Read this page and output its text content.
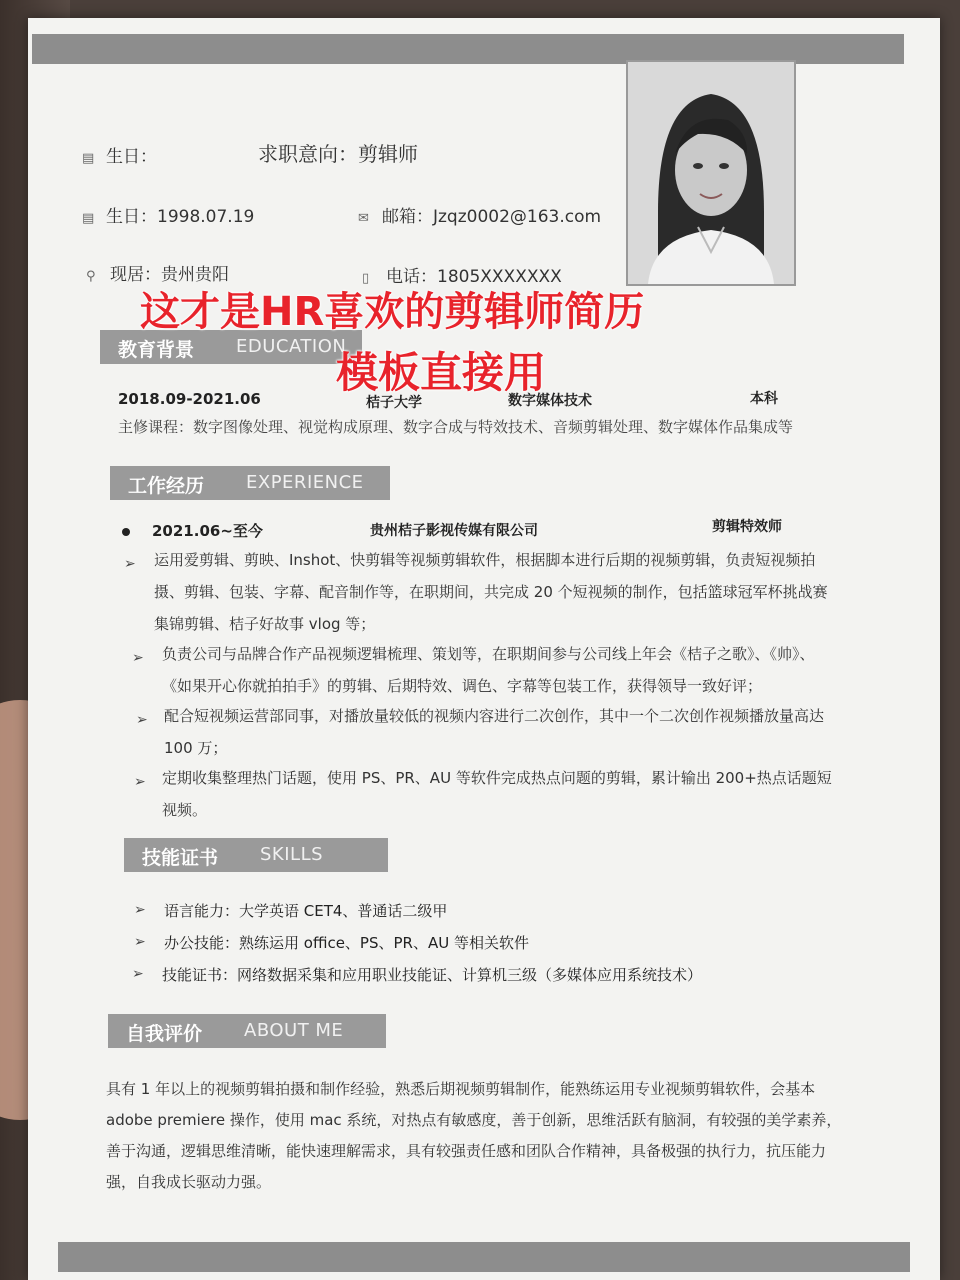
▤ 生日：	求职意向：剪辑师
▤ 生日：1998.07.19	✉ 邮箱：Jzqz0002@163.com
⚲ 现居：贵州贵阳	▯ 电话：1805XXXXXXX
教育背景 EDUCATION
2018.09-2021.06	桔子大学	数字媒体技术	本科
主修课程：数字图像处理、视觉构成原理、数字合成与特效技术、音频剪辑处理、数字媒体作品集成等
工作经历 EXPERIENCE
2021.06~至今	贵州桔子影视传媒有限公司	剪辑特效师
➢ 运用爱剪辑、剪映、Inshot、快剪辑等视频剪辑软件，根据脚本进行后期的视频剪辑，负责短视频拍
摄、剪辑、包装、字幕、配音制作等，在职期间，共完成 20 个短视频的制作，包括篮球冠军杯挑战赛
集锦剪辑、桔子好故事 vlog 等；
➢ 负责公司与品牌合作产品视频逻辑梳理、策划等，在职期间参与公司线上年会《桔子之歌》、《帅》、
《如果开心你就拍拍手》的剪辑、后期特效、调色、字幕等包装工作，获得领导一致好评；
➢ 配合短视频运营部同事，对播放量较低的视频内容进行二次创作，其中一个二次创作视频播放量高达
100 万；
➢ 定期收集整理热门话题，使用 PS、PR、AU 等软件完成热点问题的剪辑，累计输出 200+热点话题短
视频。
技能证书 SKILLS
➢ 语言能力：大学英语 CET4、普通话二级甲
➢ 办公技能：熟练运用 office、PS、PR、AU 等相关软件
➢ 技能证书：网络数据采集和应用职业技能证、计算机三级（多媒体应用系统技术）
自我评价 ABOUT ME
具有 1 年以上的视频剪辑拍摄和制作经验，熟悉后期视频剪辑制作，能熟练运用专业视频剪辑软件，会基本
adobe premiere 操作，使用 mac 系统，对热点有敏感度，善于创新，思维活跃有脑洞，有较强的美学素养，
善于沟通，逻辑思维清晰，能快速理解需求，具有较强责任感和团队合作精神，具备极强的执行力，抗压能力
强，自我成长驱动力强。
这才是HR喜欢的剪辑师简历
模板直接用
